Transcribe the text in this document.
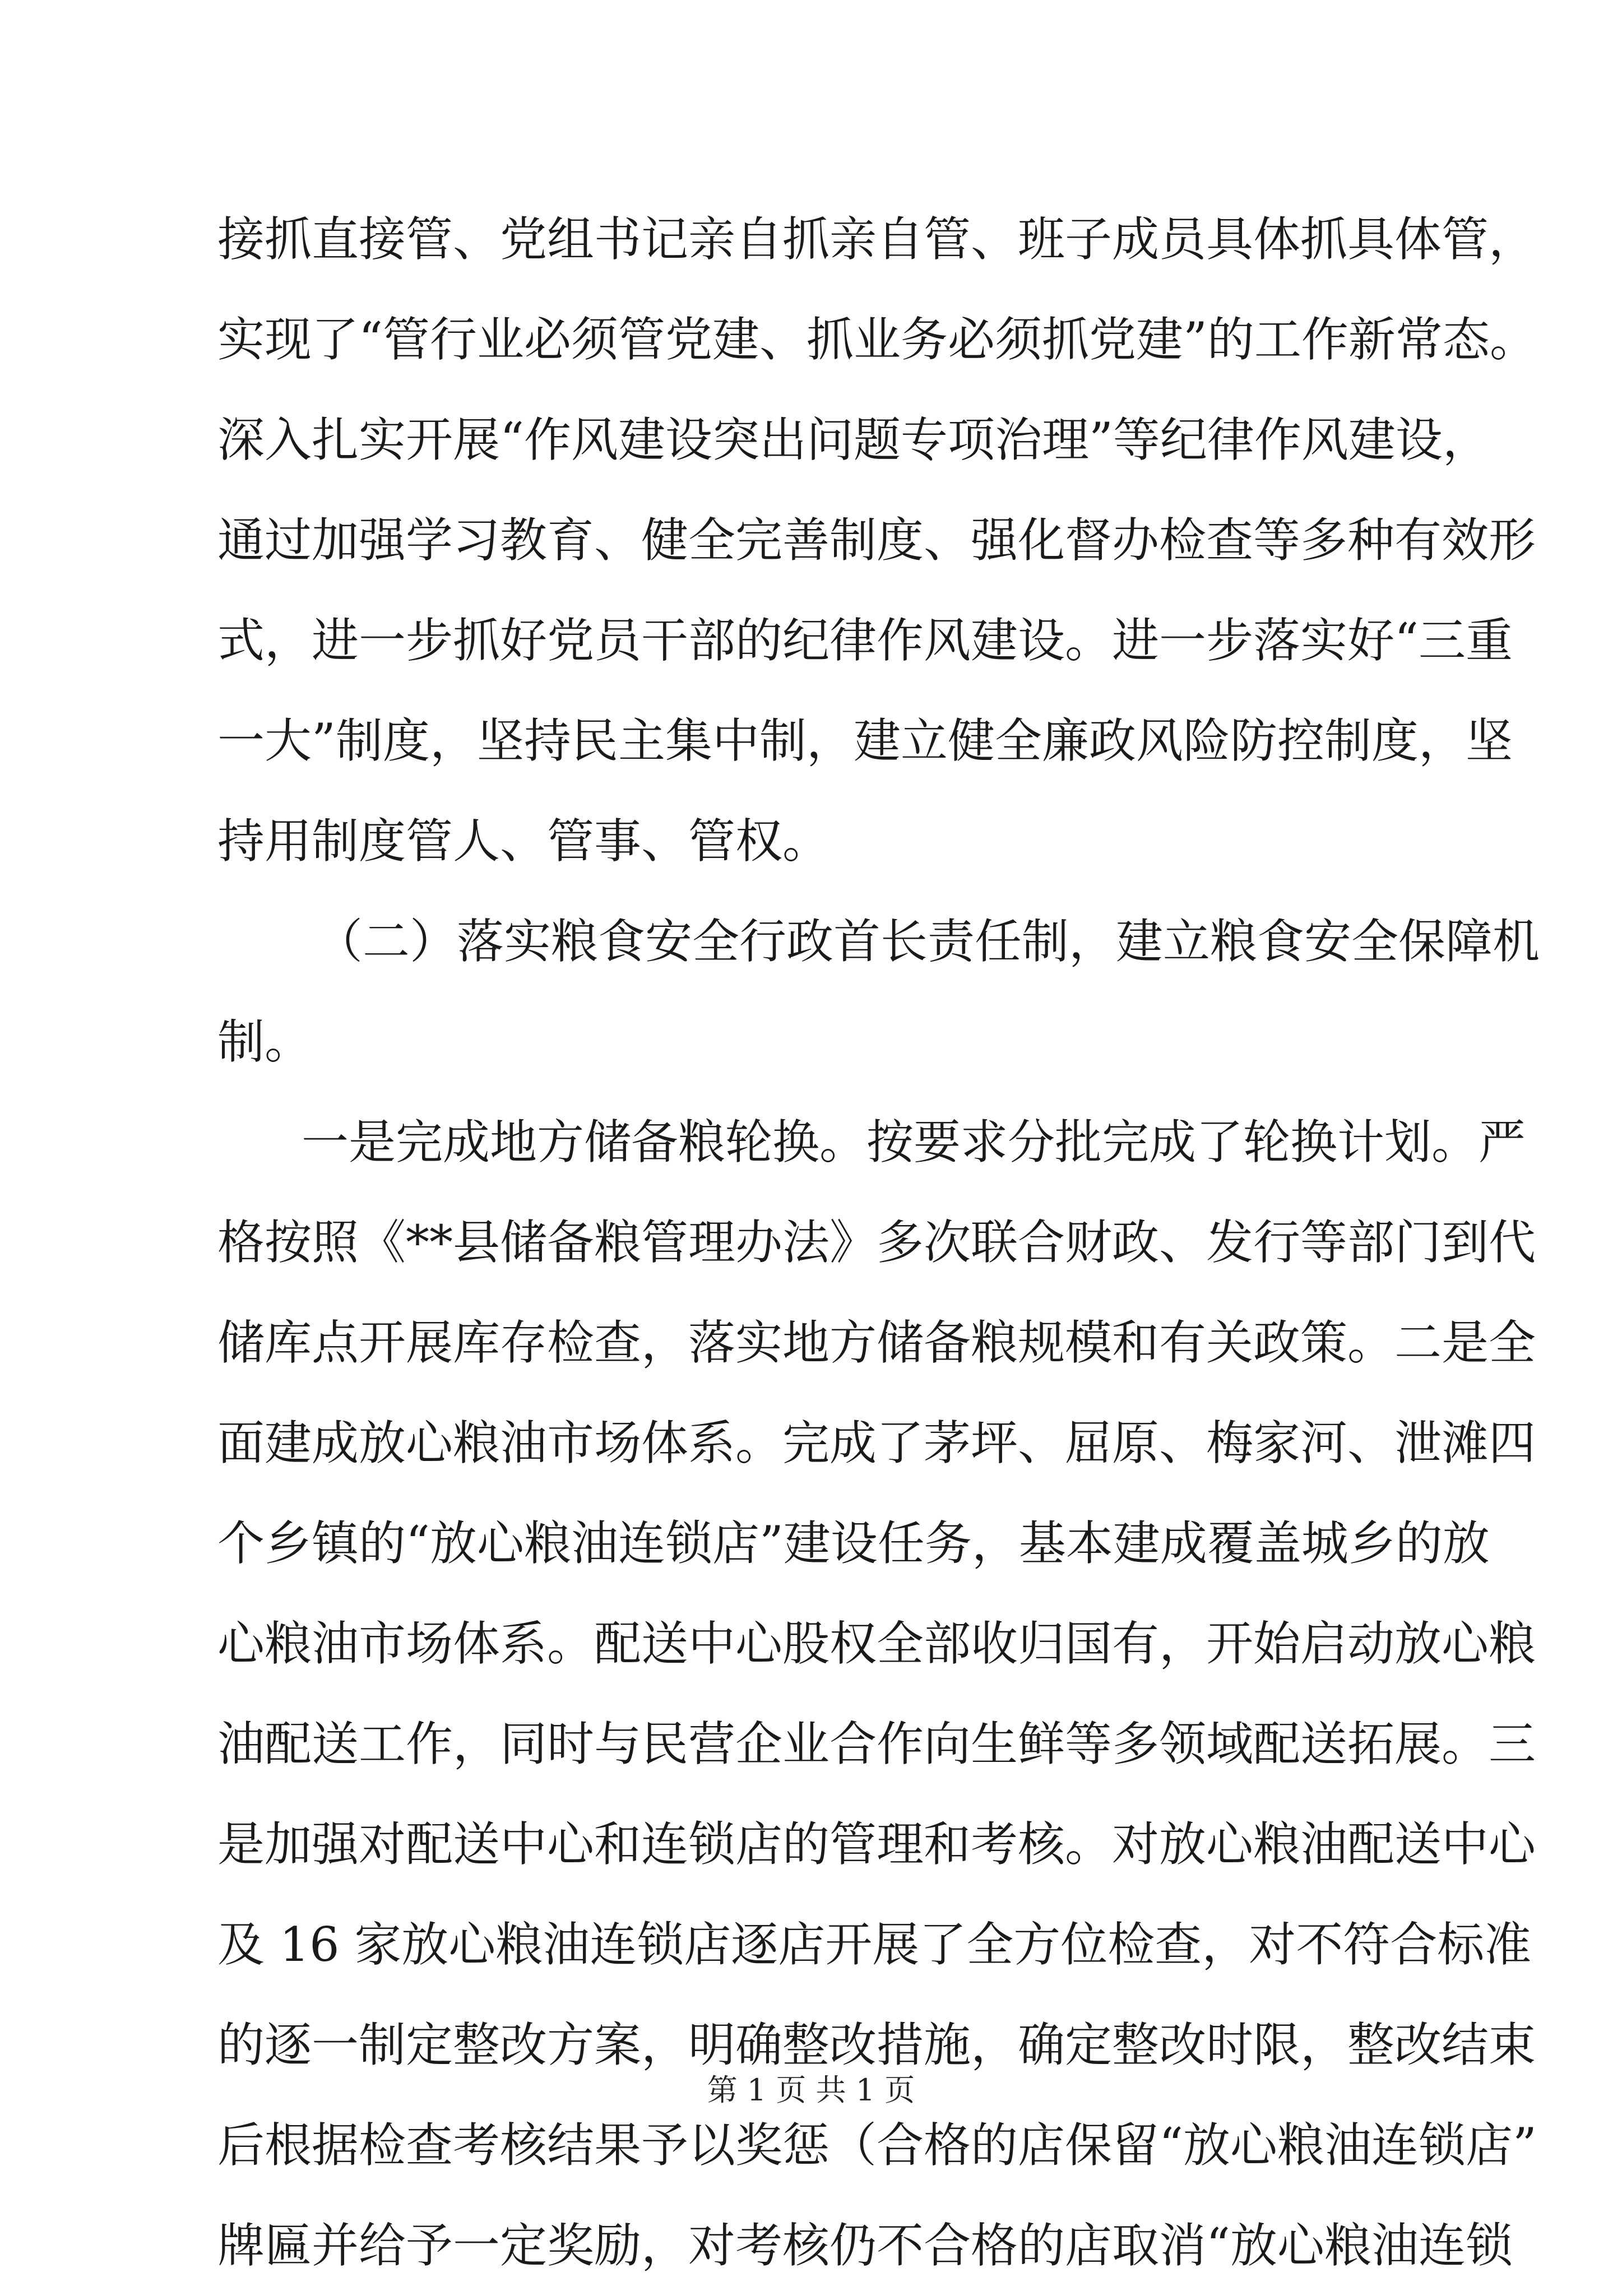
接抓直接管、党组书记亲自抓亲自管、班子成员具体抓具体管，
实现了“管行业必须管党建、抓业务必须抓党建”的工作新常态。
深入扎实开展“作风建设突出问题专项治理”等纪律作风建设，
通过加强学习教育、健全完善制度、强化督办检查等多种有效形
式，进一步抓好党员干部的纪律作风建设。进一步落实好“三重
一大”制度，坚持民主集中制，建立健全廉政风险防控制度，坚
持用制度管人、管事、管权。
（二）落实粮食安全行政首长责任制，建立粮食安全保障机
制。
一是完成地方储备粮轮换。按要求分批完成了轮换计划。严
格按照《**县储备粮管理办法》多次联合财政、发行等部门到代
储库点开展库存检查，落实地方储备粮规模和有关政策。二是全
面建成放心粮油市场体系。完成了茅坪、屈原、梅家河、泄滩四
个乡镇的“放心粮油连锁店”建设任务，基本建成覆盖城乡的放
心粮油市场体系。配送中心股权全部收归国有，开始启动放心粮
油配送工作，同时与民营企业合作向生鲜等多领域配送拓展。三
是加强对配送中心和连锁店的管理和考核。对放心粮油配送中心
及 16 家放心粮油连锁店逐店开展了全方位检查，对不符合标准
的逐一制定整改方案，明确整改措施，确定整改时限，整改结束
后根据检查考核结果予以奖惩（合格的店保留“放心粮油连锁店”
牌匾并给予一定奖励，对考核仍不合格的店取消“放心粮油连锁
第 1 页 共 1 页
